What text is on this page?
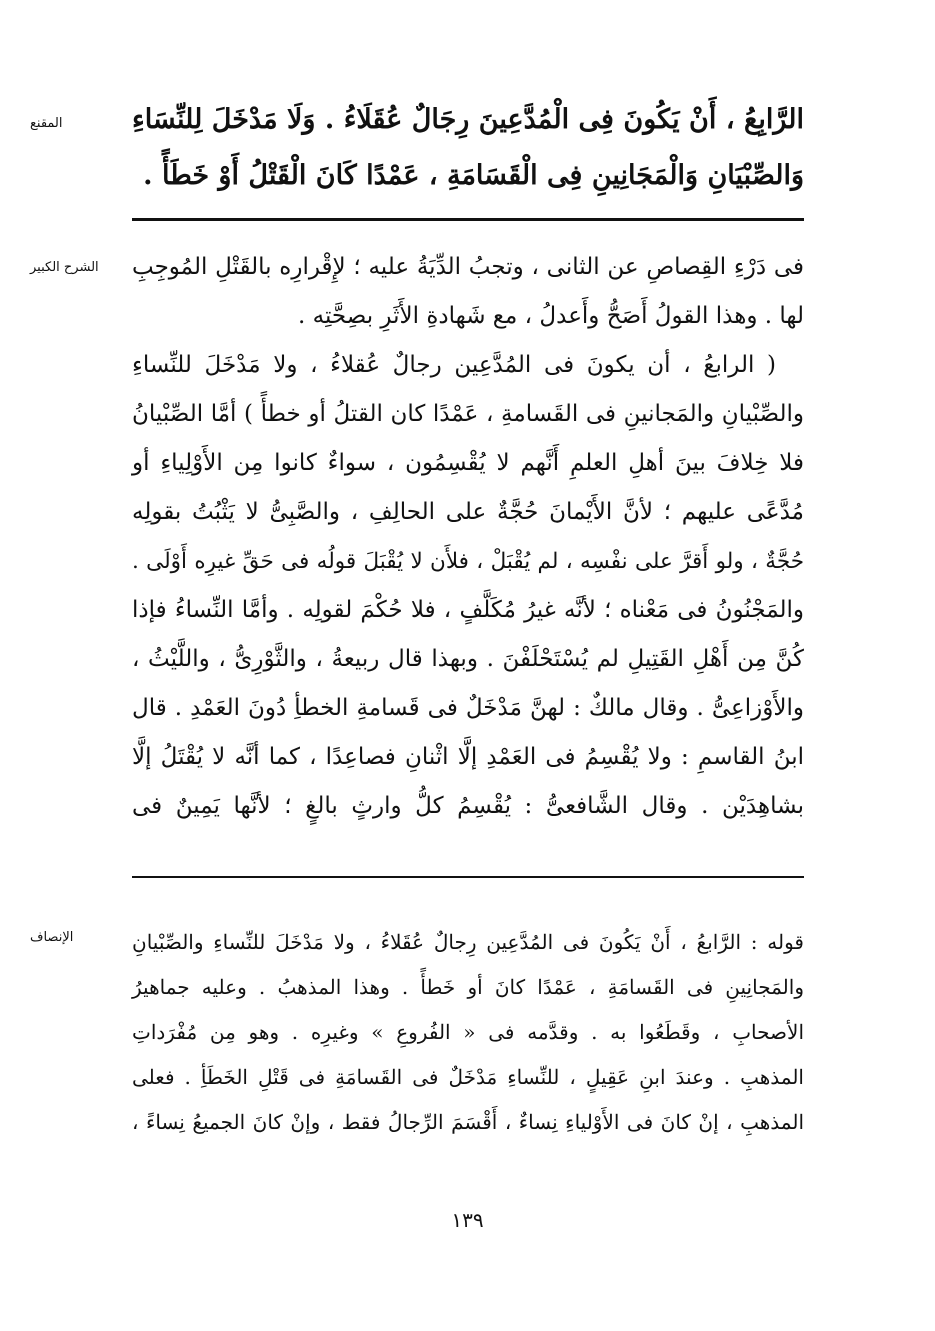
المقنع
الشرح الكبير
الإنصاف
الرَّابِعُ ، أَنْ يَكُونَ فِى الْمُدَّعِينَ رِجَالٌ عُقَلَاءُ . وَلَا مَدْخَلَ لِلنِّسَاءِ
وَالصِّبْيَانِ وَالْمَجَانِينِ فِى الْقَسَامَةِ ، عَمْدًا كَانَ الْقَتْلُ أَوْ خَطَأً .

فى دَرْءِ القِصاصِ عن الثانى ، وتجبُ الدِّيَةُ عليه ؛ لإِقْرارِه بالقَتْلِ المُوجِبِ
لها . وهذا القولُ أَصَحُّ وأَعدلُ ، مع شَهادةِ الأَثَرِ بصِحَّتِه .

( الرابعُ ، أن يكونَ فى المُدَّعِين رجالٌ عُقلاءُ ، ولا مَدْخَلَ للنِّساءِ
والصِّبْيانِ والمَجانينِ فى القَسامةِ ، عَمْدًا كان القتلُ أو خطأً ) أمَّا الصِّبْيانُ
فلا خِلافَ بينَ أهلِ العلمِ أَنَّهم لا يُقْسِمُون ، سواءٌ كانوا مِن الأَوْلِياءِ أو
مُدَّعًى عليهم ؛ لأنَّ الأَيْمانَ حُجَّةٌ على الحالِفِ ، والصَّبِىُّ لا يَثْبُتُ بقولِه
حُجَّةٌ ، ولو أَقرَّ على نفْسِه ، لم يُقْبَلْ ، فلأَن لا يُقْبَلَ قولُه فى حَقِّ غيرِه أَوْلَى .
والمَجْنُونُ فى مَعْناه ؛ لأنَّه غيرُ مُكَلَّفٍ ، فلا حُكْمَ لقولِه . وأمَّا النِّساءُ فإذا
كُنَّ مِن أَهْلِ القَتِيلِ لم يُسْتَحْلَفْنَ . وبهذا قال ربيعةُ ، والثَّوْرِىُّ ، واللَّيْثُ ،
والأَوْزاعِىُّ . وقال مالكٌ : لهنَّ مَدْخَلٌ فى قَسامةِ الخطأِ دُونَ العَمْدِ . قال
ابنُ القاسمِ : ولا يُقْسِمُ فى العَمْدِ إلَّا اثْنانِ فصاعِدًا ، كما أنَّه لا يُقْتَلُ إلَّا
بشاهِدَيْن . وقال الشَّافعىُّ : يُقْسِمُ كلُّ وارثٍ بالغٍ ؛ لأنَّها يَمِينٌ فى

قوله : الرَّابعُ ، أَنْ يَكُونَ فى المُدَّعِين رِجالٌ عُقَلاءُ ، ولا مَدْخَلَ للنِّساءِ والصِّبْيانِ
والمَجانِينِ فى القَسامَةِ ، عَمْدًا كانَ أو خَطأً . وهذا المذهبُ . وعليه جماهيرُ
الأصحابِ ، وقَطَعُوا به . وقدَّمه فى « الفُروعِ » وغيرِه . وهو مِن مُفْرَداتِ
المذهبِ . وعندَ ابنِ عَقِيلٍ ، للنِّساءِ مَدْخَلٌ فى القَسامَةِ فى قَتْلِ الخَطَأِ . فعلى
المذهبِ ، إنْ كانَ فى الأَوْلياءِ نِساءٌ ، أَقْسَمَ الرِّجالُ فقط ، وإنْ كانَ الجميعُ نِساءً ،
١٣٩
